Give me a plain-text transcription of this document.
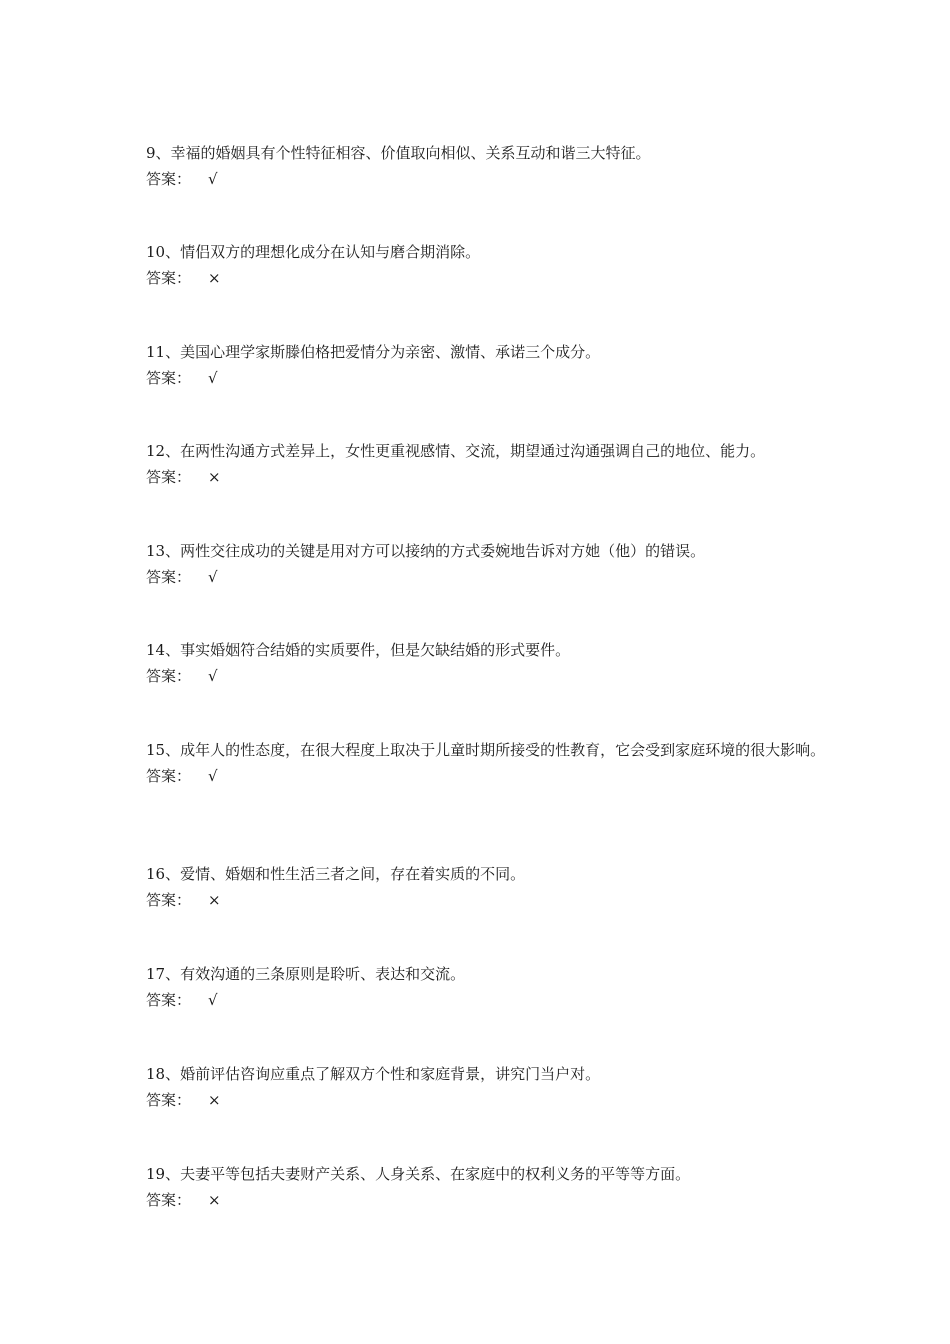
9、幸福的婚姻具有个性特征相容、价值取向相似、关系互动和谐三大特征。

答案： √

10、情侣双方的理想化成分在认知与磨合期消除。

答案： ×

11、美国心理学家斯滕伯格把爱情分为亲密、激情、承诺三个成分。

答案： √

12、在两性沟通方式差异上，女性更重视感情、交流，期望通过沟通强调自己的地位、能力。

答案： ×

13、两性交往成功的关键是用对方可以接纳的方式委婉地告诉对方她（他）的错误。

答案： √

14、事实婚姻符合结婚的实质要件，但是欠缺结婚的形式要件。

答案： √

15、成年人的性态度，在很大程度上取决于儿童时期所接受的性教育，它会受到家庭环境的很大影响。

答案： √

16、爱情、婚姻和性生活三者之间，存在着实质的不同。

答案： ×

17、有效沟通的三条原则是聆听、表达和交流。

答案： √

18、婚前评估咨询应重点了解双方个性和家庭背景，讲究门当户对。

答案： ×

19、夫妻平等包括夫妻财产关系、人身关系、在家庭中的权利义务的平等等方面。

答案： ×
